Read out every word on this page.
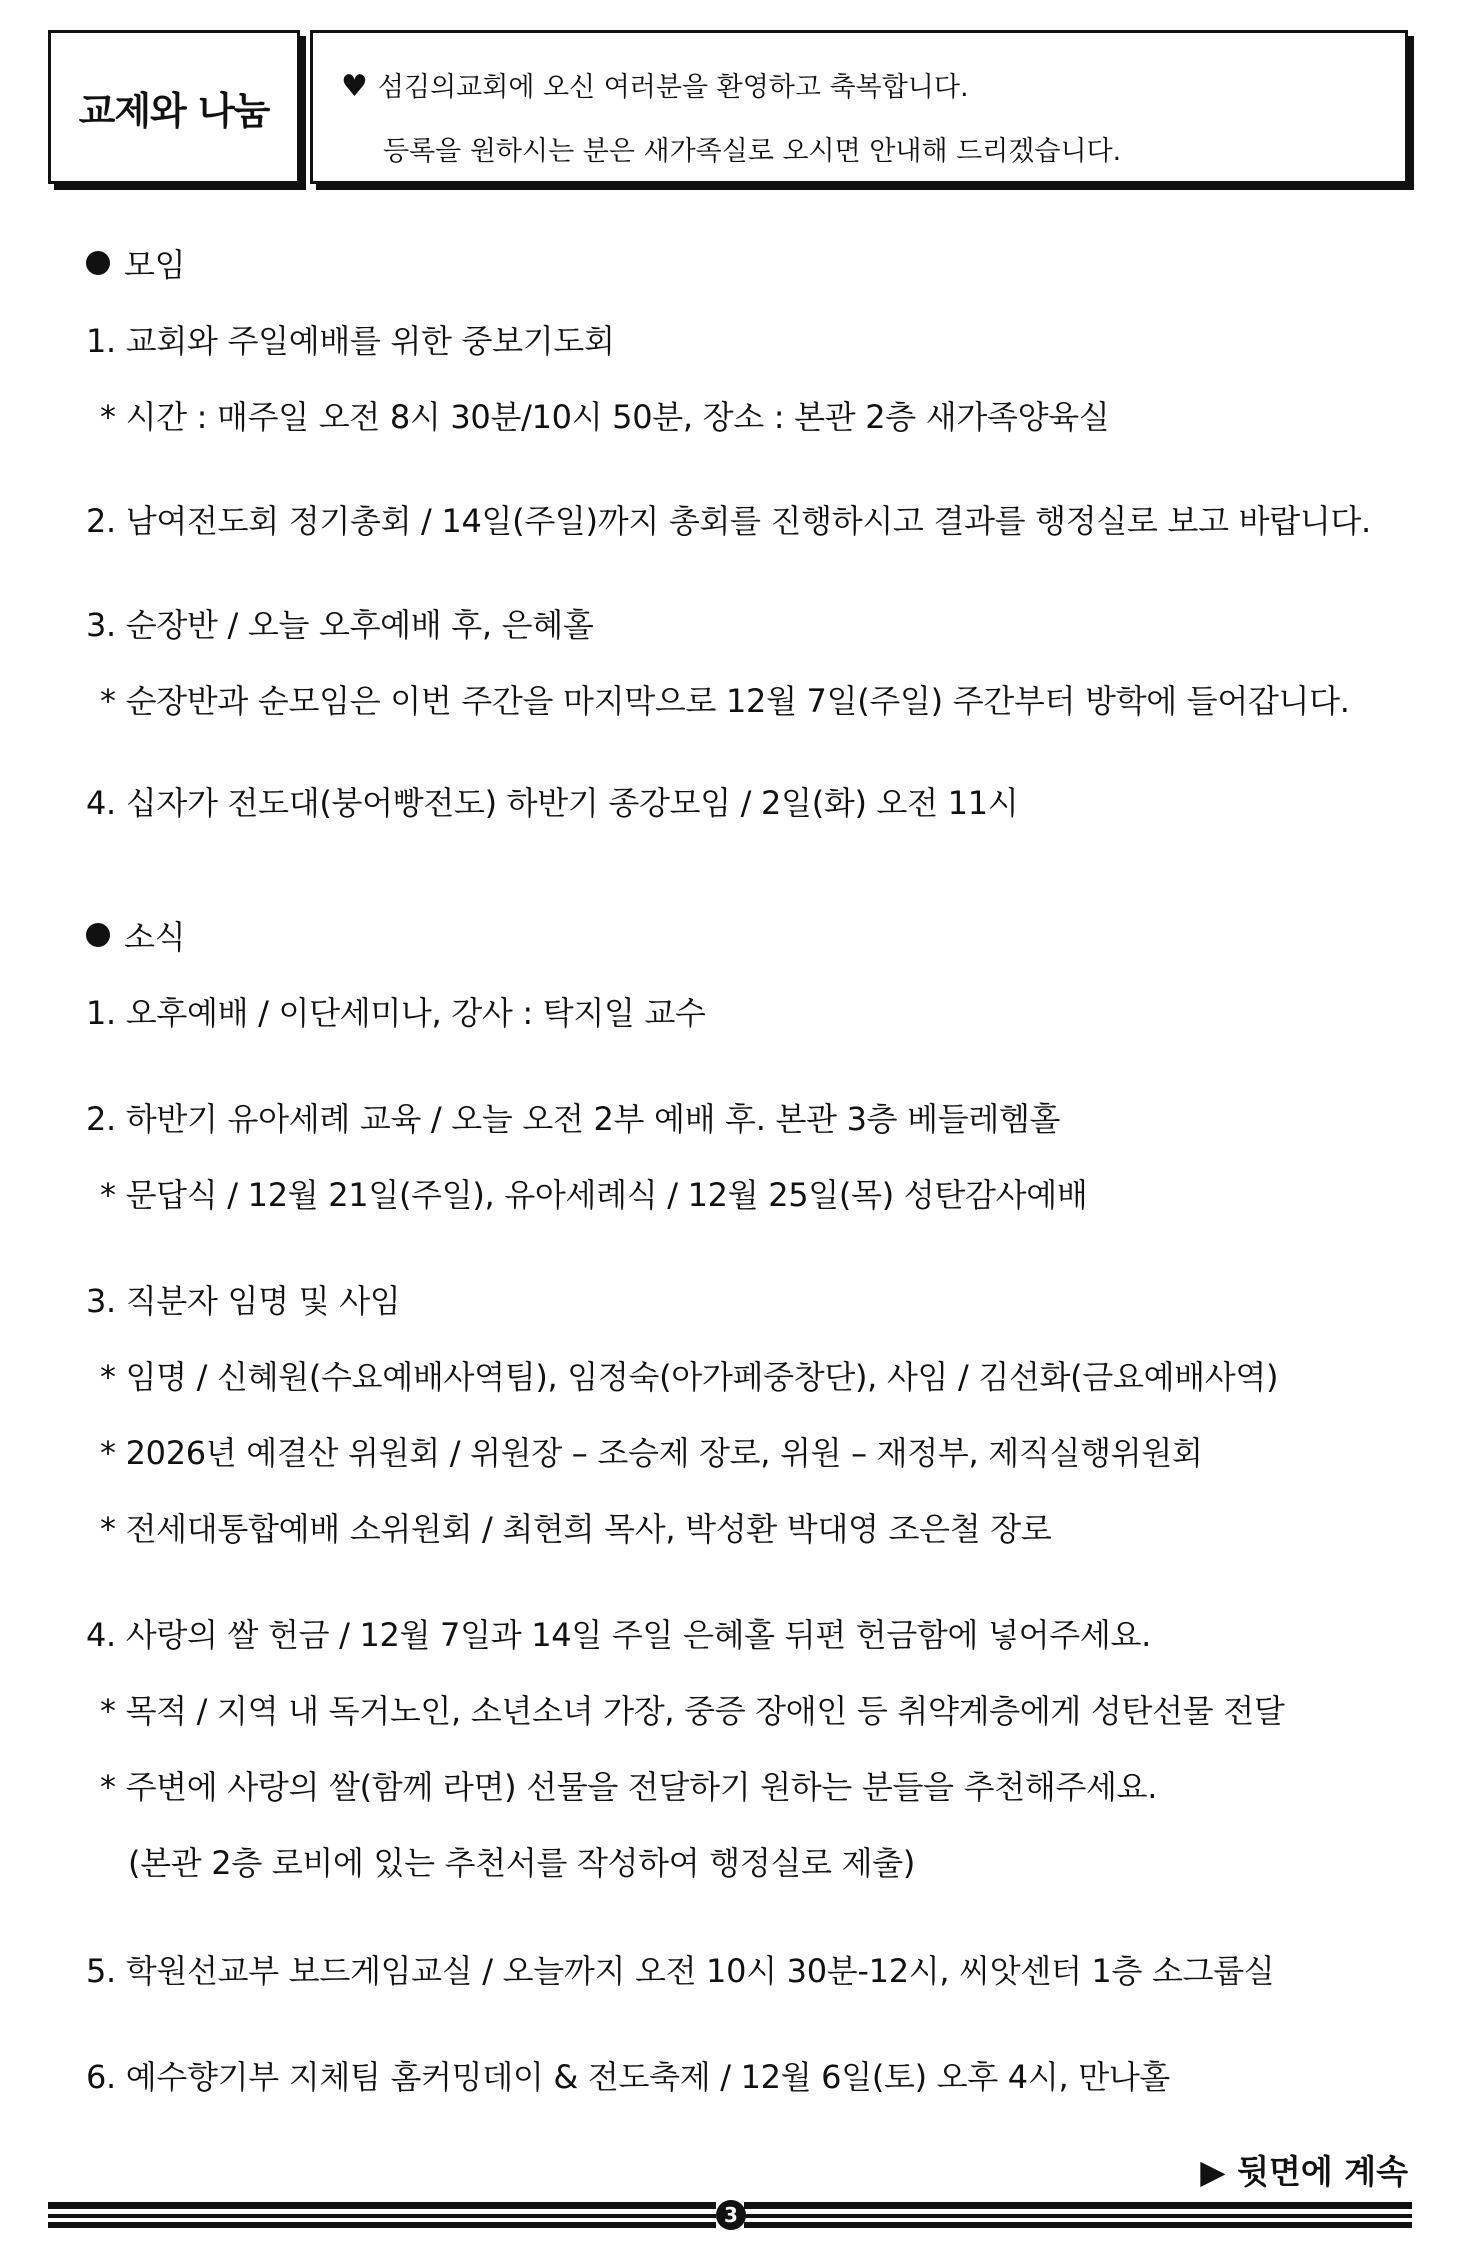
교제와 나눔
♥ 섬김의교회에 오신 여러분을 환영하고 축복합니다.
등록을 원하시는 분은 새가족실로 오시면 안내해 드리겠습니다.
모임
1. 교회와 주일예배를 위한 중보기도회
* 시간 : 매주일 오전 8시 30분/10시 50분, 장소 : 본관 2층 새가족양육실
2. 남여전도회 정기총회 / 14일(주일)까지 총회를 진행하시고 결과를 행정실로 보고 바랍니다.
3. 순장반 / 오늘 오후예배 후, 은혜홀
* 순장반과 순모임은 이번 주간을 마지막으로 12월 7일(주일) 주간부터 방학에 들어갑니다.
4. 십자가 전도대(붕어빵전도) 하반기 종강모임 / 2일(화) 오전 11시
소식
1. 오후예배 / 이단세미나, 강사 : 탁지일 교수
2. 하반기 유아세례 교육 / 오늘 오전 2부 예배 후. 본관 3층 베들레헴홀
* 문답식 / 12월 21일(주일), 유아세례식 / 12월 25일(목) 성탄감사예배
3. 직분자 임명 및 사임
* 임명 / 신혜원(수요예배사역팀), 임정숙(아가페중창단), 사임 / 김선화(금요예배사역)
* 2026년 예결산 위원회 / 위원장 – 조승제 장로, 위원 – 재정부, 제직실행위원회
* 전세대통합예배 소위원회 / 최현희 목사, 박성환 박대영 조은철 장로
4. 사랑의 쌀 헌금 / 12월 7일과 14일 주일 은혜홀 뒤편 헌금함에 넣어주세요.
* 목적 / 지역 내 독거노인, 소년소녀 가장, 중증 장애인 등 취약계층에게 성탄선물 전달
* 주변에 사랑의 쌀(함께 라면) 선물을 전달하기 원하는 분들을 추천해주세요.
(본관 2층 로비에 있는 추천서를 작성하여 행정실로 제출)
5. 학원선교부 보드게임교실 / 오늘까지 오전 10시 30분-12시, 씨앗센터 1층 소그룹실
6. 예수향기부 지체팀 홈커밍데이 & 전도축제 / 12월 6일(토) 오후 4시, 만나홀
▶ 뒷면에 계속
3
